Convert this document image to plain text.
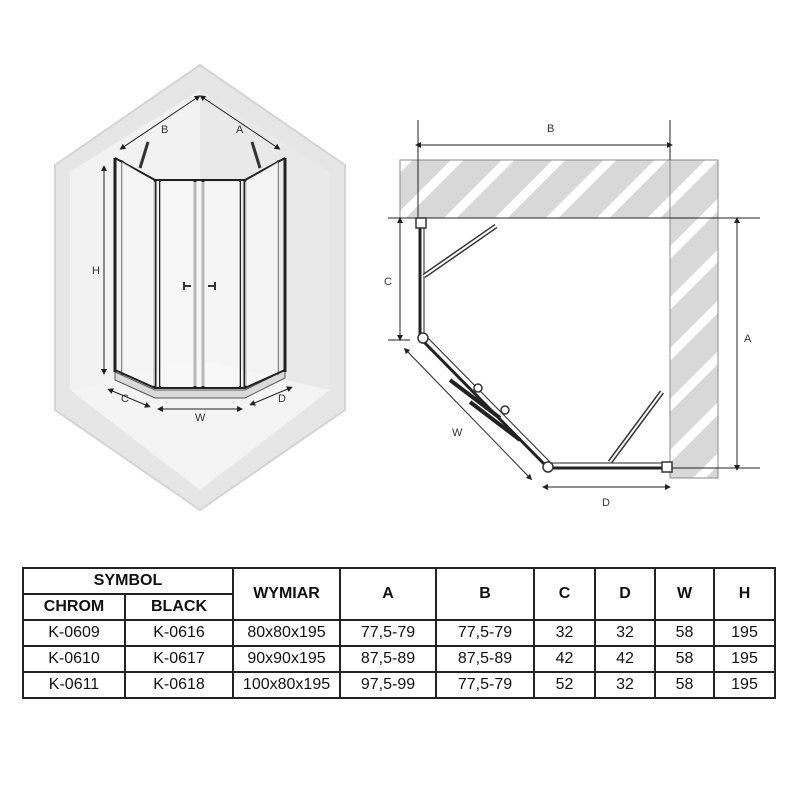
B	A
H
C
W
D
B
C
A
W
D
SYMBOL		WYMIAR	A	B	C	D	W	H
CHROM	BLACK							
K-0609	K-0616	80x80x195	77,5-79	77,5-79	32	32	58	195
K-0610	K-0617	90x90x195	87,5-89	87,5-89	42	42	58	195
K-0611	K-0618	100x80x195	97,5-99	77,5-79	52	32	58	195
